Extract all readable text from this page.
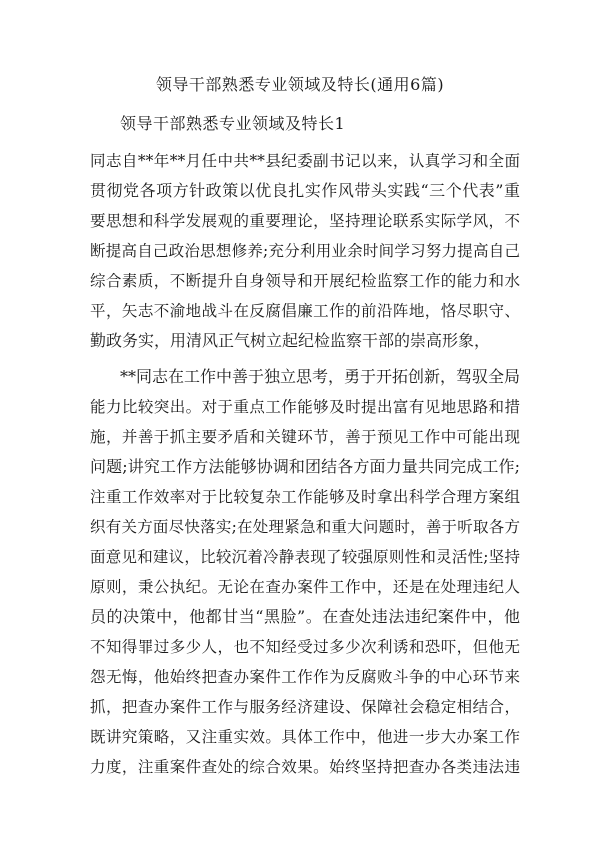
领导干部熟悉专业领域及特长(通用6篇)
领导干部熟悉专业领域及特长1
同志自**年**月任中共**县纪委副书记以来，认真学习和全面
贯彻党各项方针政策以优良扎实作风带头实践“三个代表”重
要思想和科学发展观的重要理论，坚持理论联系实际学风，不
断提高自己政治思想修养;充分利用业余时间学习努力提高自己
综合素质，不断提升自身领导和开展纪检监察工作的能力和水
平，矢志不渝地战斗在反腐倡廉工作的前沿阵地，恪尽职守、
勤政务实，用清风正气树立起纪检监察干部的崇高形象，
**同志在工作中善于独立思考，勇于开拓创新，驾驭全局
能力比较突出。对于重点工作能够及时提出富有见地思路和措
施，并善于抓主要矛盾和关键环节，善于预见工作中可能出现
问题;讲究工作方法能够协调和团结各方面力量共同完成工作;
注重工作效率对于比较复杂工作能够及时拿出科学合理方案组
织有关方面尽快落实;在处理紧急和重大问题时，善于听取各方
面意见和建议，比较沉着冷静表现了较强原则性和灵活性;坚持
原则，秉公执纪。无论在查办案件工作中，还是在处理违纪人
员的决策中，他都甘当“黑脸”。在查处违法违纪案件中，他
不知得罪过多少人，也不知经受过多少次利诱和恐吓，但他无
怨无悔，他始终把查办案件工作作为反腐败斗争的中心环节来
抓，把查办案件工作与服务经济建设、保障社会稳定相结合，
既讲究策略，又注重实效。具体工作中，他进一步大办案工作
力度，注重案件查处的综合效果。始终坚持把查办各类违法违
